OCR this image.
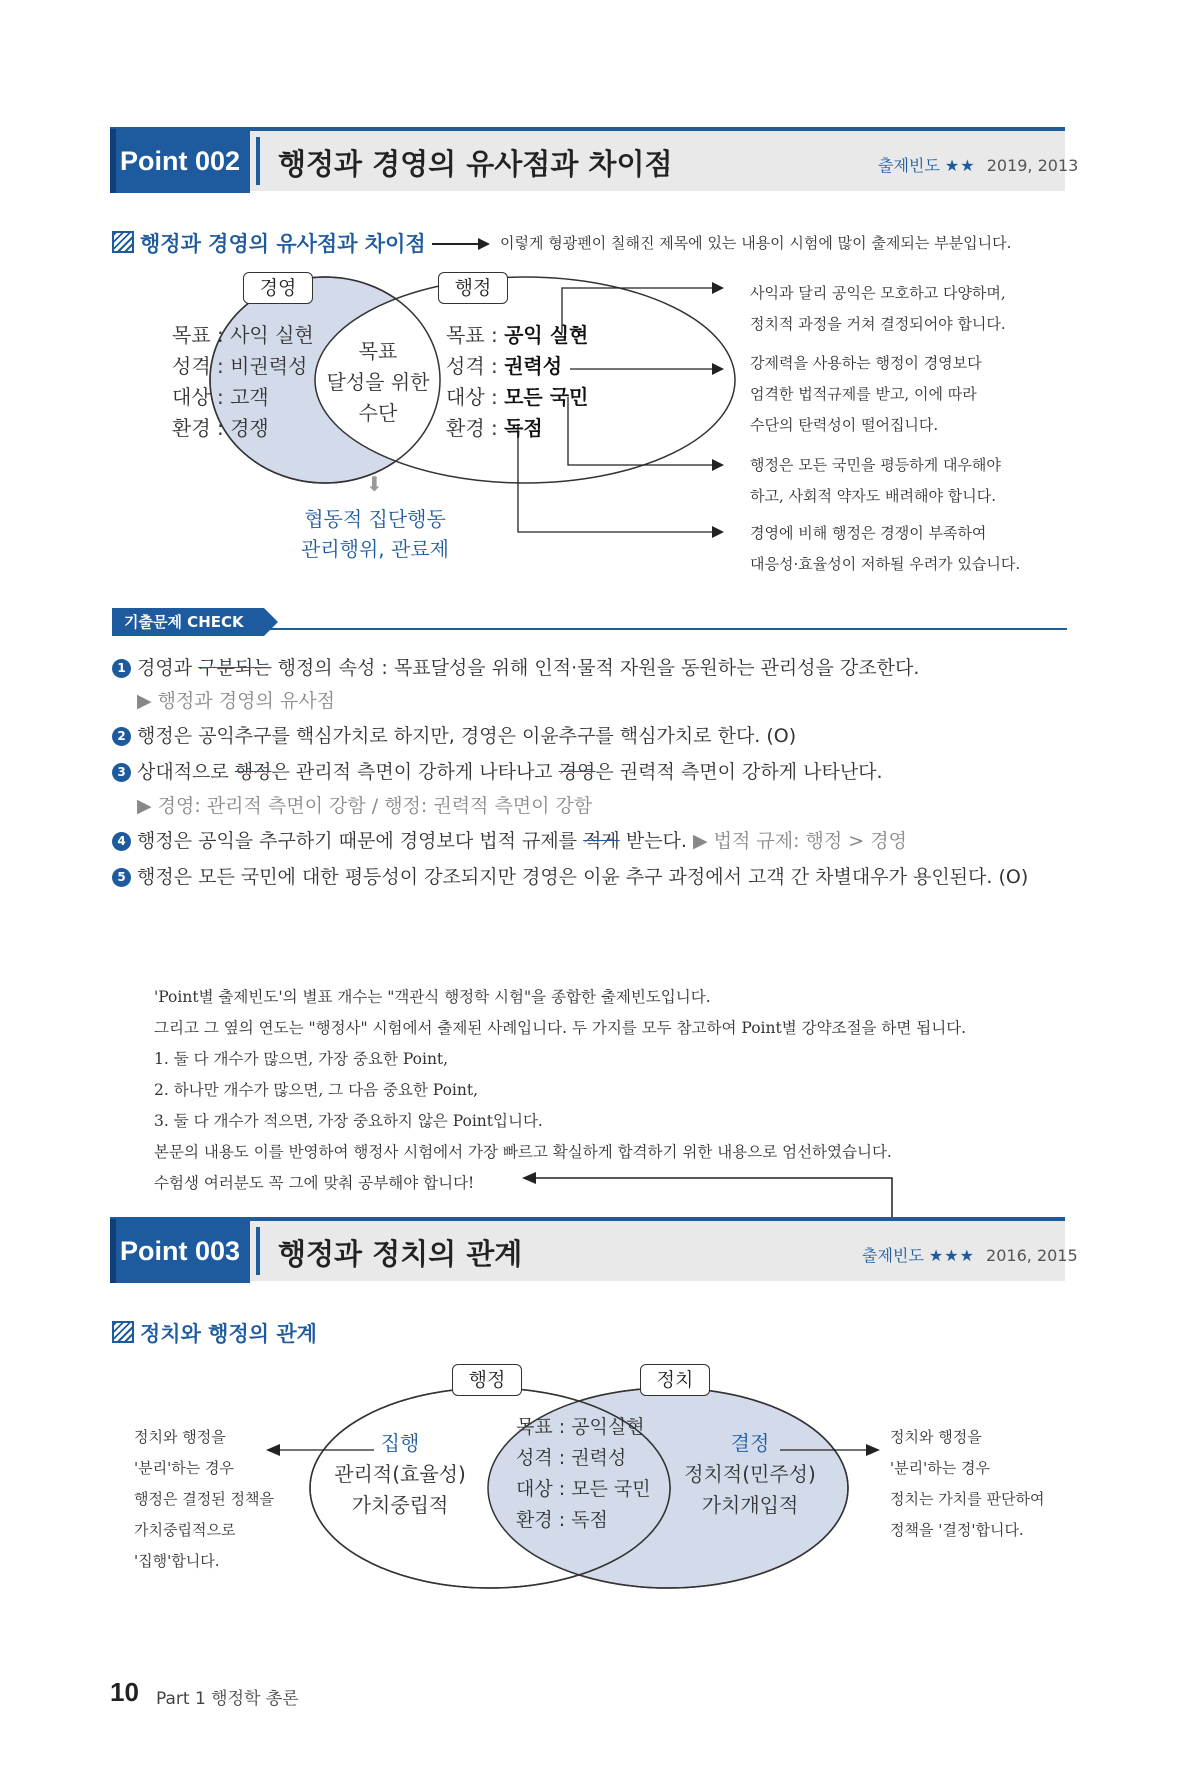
Point 002	행정과 경영의 유사점과 차이점	출제빈도 ★★ 2019, 2013
행정과 경영의 유사점과 차이점	이렇게 형광펜이 칠해진 제목에 있는 내용이 시험에 많이 출제되는 부분입니다.
경영	행정
목표 : 사익 실현
성격 : 비권력성
대상 : 고객
환경 : 경쟁
목표
달성을 위한
수단
목표 : 공익 실현
성격 : 권력성
대상 : 모든 국민
환경 : 독점
⬇
협동적 집단행동
관리행위, 관료제
사익과 달리 공익은 모호하고 다양하며,
정치적 과정을 거쳐 결정되어야 합니다.
강제력을 사용하는 행정이 경영보다
엄격한 법적규제를 받고, 이에 따라
수단의 탄력성이 떨어집니다.
행정은 모든 국민을 평등하게 대우해야
하고, 사회적 약자도 배려해야 합니다.
경영에 비해 행정은 경쟁이 부족하여
대응성·효율성이 저하될 우려가 있습니다.
기출문제 CHECK
1 경영과 구분되는 행정의 속성 : 목표달성을 위해 인적·물적 자원을 동원하는 관리성을 강조한다.
▶ 행정과 경영의 유사점
2 행정은 공익추구를 핵심가치로 하지만, 경영은 이윤추구를 핵심가치로 한다. (O)
3 상대적으로 행정은 관리적 측면이 강하게 나타나고 경영은 권력적 측면이 강하게 나타난다.
▶ 경영: 관리적 측면이 강함 / 행정: 권력적 측면이 강함
4 행정은 공익을 추구하기 때문에 경영보다 법적 규제를 적게 받는다. ▶ 법적 규제: 행정 > 경영
5 행정은 모든 국민에 대한 평등성이 강조되지만 경영은 이윤 추구 과정에서 고객 간 차별대우가 용인된다. (O)
'Point별 출제빈도'의 별표 개수는 "객관식 행정학 시험"을 종합한 출제빈도입니다.
그리고 그 옆의 연도는 "행정사" 시험에서 출제된 사례입니다. 두 가지를 모두 참고하여 Point별 강약조절을 하면 됩니다.
1. 둘 다 개수가 많으면, 가장 중요한 Point,
2. 하나만 개수가 많으면, 그 다음 중요한 Point,
3. 둘 다 개수가 적으면, 가장 중요하지 않은 Point입니다.
본문의 내용도 이를 반영하여 행정사 시험에서 가장 빠르고 확실하게 합격하기 위한 내용으로 엄선하였습니다.
수험생 여러분도 꼭 그에 맞춰 공부해야 합니다!
Point 003	행정과 정치의 관계	출제빈도 ★★★ 2016, 2015
정치와 행정의 관계
행정	정치
집행
관리적(효율성)
가치중립적
목표 : 공익실현
성격 : 권력성
대상 : 모든 국민
환경 : 독점
결정
정치적(민주성)
가치개입적
정치와 행정을
'분리'하는 경우
행정은 결정된 정책을
가치중립적으로
'집행'합니다.
정치와 행정을
'분리'하는 경우
정치는 가치를 판단하여
정책을 '결정'합니다.
10 Part 1 행정학 총론
